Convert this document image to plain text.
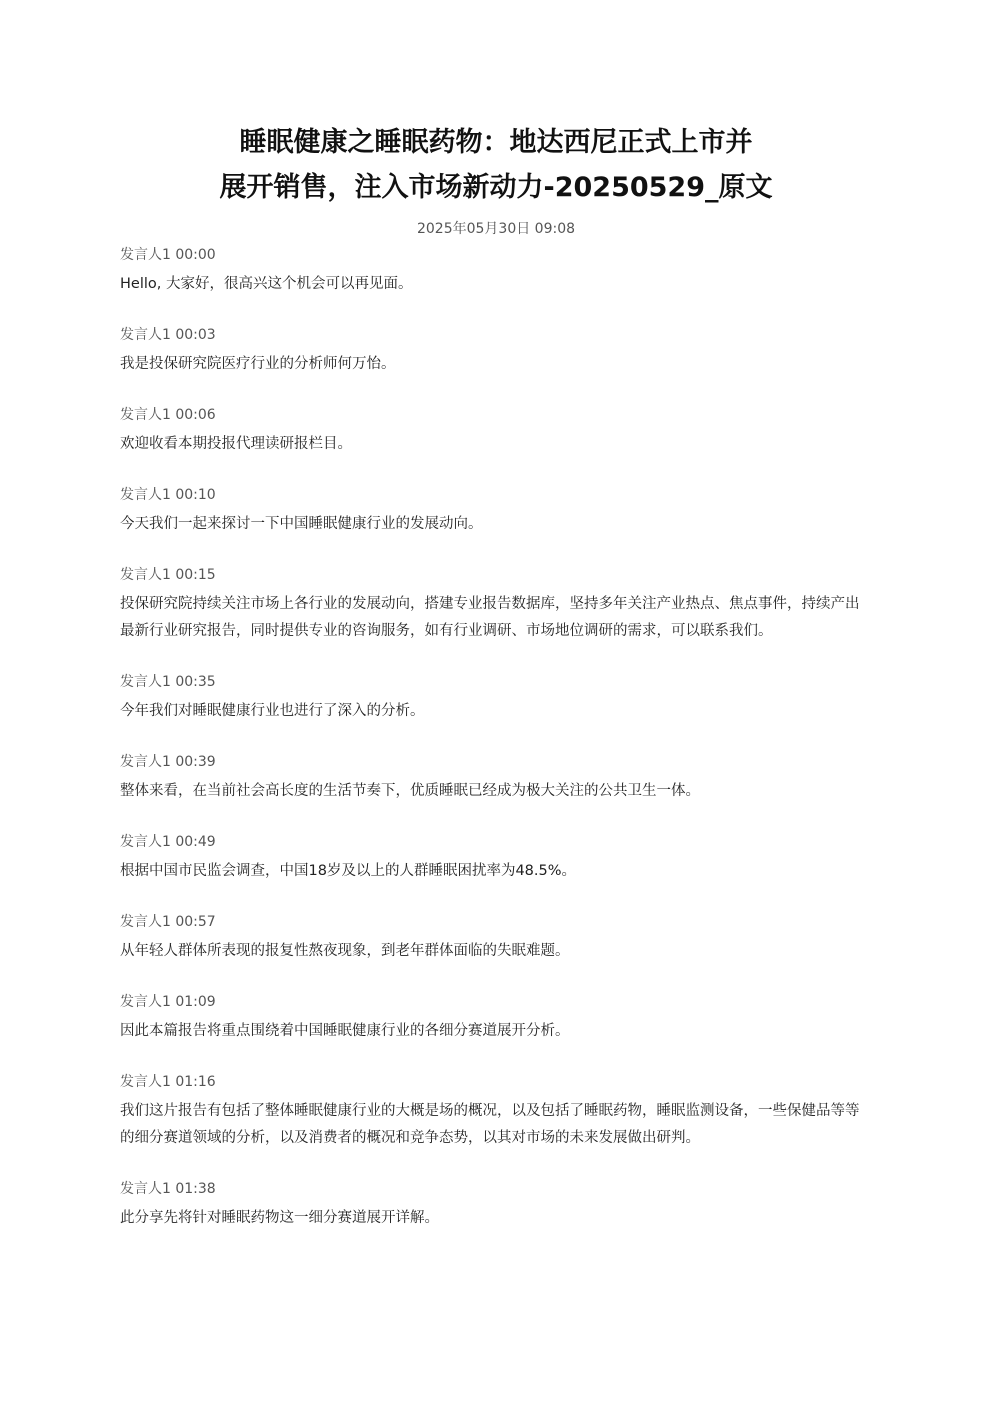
睡眠健康之睡眠药物：地达西尼正式上市并
展开销售，注入市场新动力-20250529_原文
2025年05月30日 09:08
发言人1 00:00

Hello, 大家好，很高兴这个机会可以再见面。

发言人1 00:03

我是投保研究院医疗行业的分析师何万怡。

发言人1 00:06

欢迎收看本期投报代理读研报栏目。

发言人1 00:10

今天我们一起来探讨一下中国睡眠健康行业的发展动向。

发言人1 00:15

投保研究院持续关注市场上各行业的发展动向，搭建专业报告数据库，坚持多年关注产业热点、焦点事件，持续产出最新行业研究报告，同时提供专业的咨询服务，如有行业调研、市场地位调研的需求，可以联系我们。

发言人1 00:35

今年我们对睡眠健康行业也进行了深入的分析。

发言人1 00:39

整体来看，在当前社会高长度的生活节奏下，优质睡眠已经成为极大关注的公共卫生一体。

发言人1 00:49

根据中国市民监会调查，中国18岁及以上的人群睡眠困扰率为48.5%。

发言人1 00:57

从年轻人群体所表现的报复性熬夜现象，到老年群体面临的失眠难题。

发言人1 01:09

因此本篇报告将重点围绕着中国睡眠健康行业的各细分赛道展开分析。

发言人1 01:16

我们这片报告有包括了整体睡眠健康行业的大概是场的概况，以及包括了睡眠药物，睡眠监测设备，一些保健品等等的细分赛道领域的分析，以及消费者的概况和竞争态势，以其对市场的未来发展做出研判。

发言人1 01:38

此分享先将针对睡眠药物这一细分赛道展开详解。
